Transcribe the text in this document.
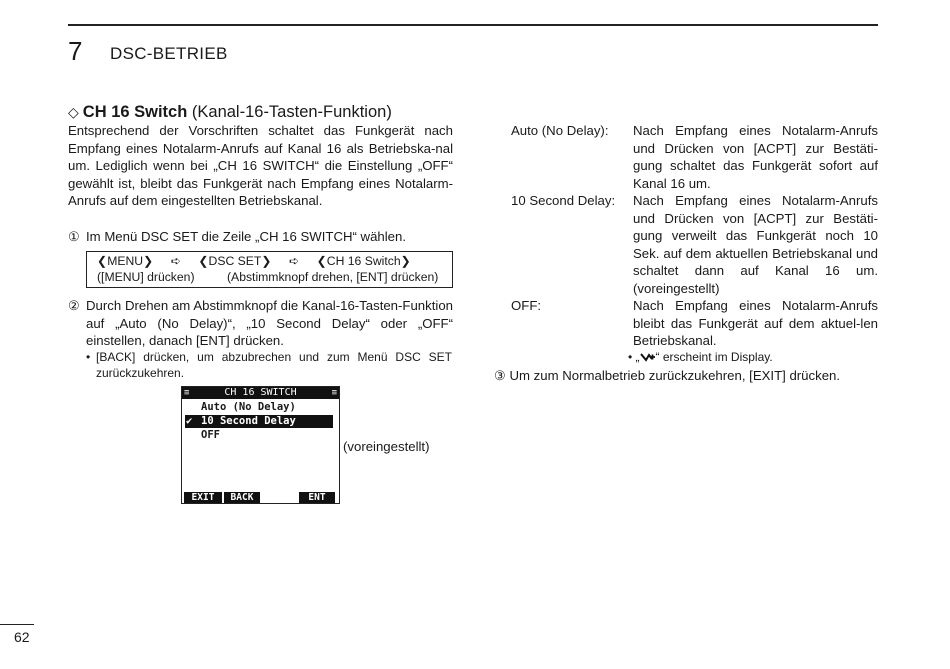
7 DSC-BETRIEB
◇ CH 16 Switch (Kanal-16-Tasten-Funktion)
Entsprechend der Vorschriften schaltet das Funkgerät nach Empfang eines Notalarm-Anrufs auf Kanal 16 als Betriebska-nal um. Lediglich wenn bei „CH 16 SWITCH“ die Einstellung „OFF“ gewählt ist, bleibt das Funkgerät nach Empfang eines Notalarm-Anrufs auf dem eingestellten Betriebskanal.
① Im Menü DSC SET die Zeile „CH 16 SWITCH“ wählen.
❮MENU❯ ➪ ❮DSC SET❯ ➪ ❮CH 16 Switch❯
([MENU] drücken)	(Abstimmknopf drehen, [ENT] drücken)
② Durch Drehen am Abstimmknopf die Kanal-16-Tasten-Funktion auf „Auto (No Delay)“, „10 Second Delay“ oder „OFF“ einstellen, danach [ENT] drücken.
• [BACK] drücken, um abzubrechen und zum Menü DSC SET zurückzukehren.
≡	CH 16 SWITCH	≡
Auto (No Delay)
✔ 10 Second Delay
OFF
EXIT	BACK	ENT
(voreingestellt)
Auto (No Delay): Nach Empfang eines Notalarm-Anrufs und Drücken von [ACPT] zur Bestäti-gung schaltet das Funkgerät sofort auf Kanal 16 um.
10 Second Delay: Nach Empfang eines Notalarm-Anrufs und Drücken von [ACPT] zur Bestäti-gung verweilt das Funkgerät noch 10 Sek. auf dem aktuellen Betriebskanal und schaltet dann auf Kanal 16 um. (voreingestellt)
OFF:	Nach Empfang eines Notalarm-Anrufs bleibt das Funkgerät auf dem aktuel-len Betriebskanal.
• „ “ erscheint im Display.
③ Um zum Normalbetrieb zurückzukehren, [EXIT] drücken.
62
